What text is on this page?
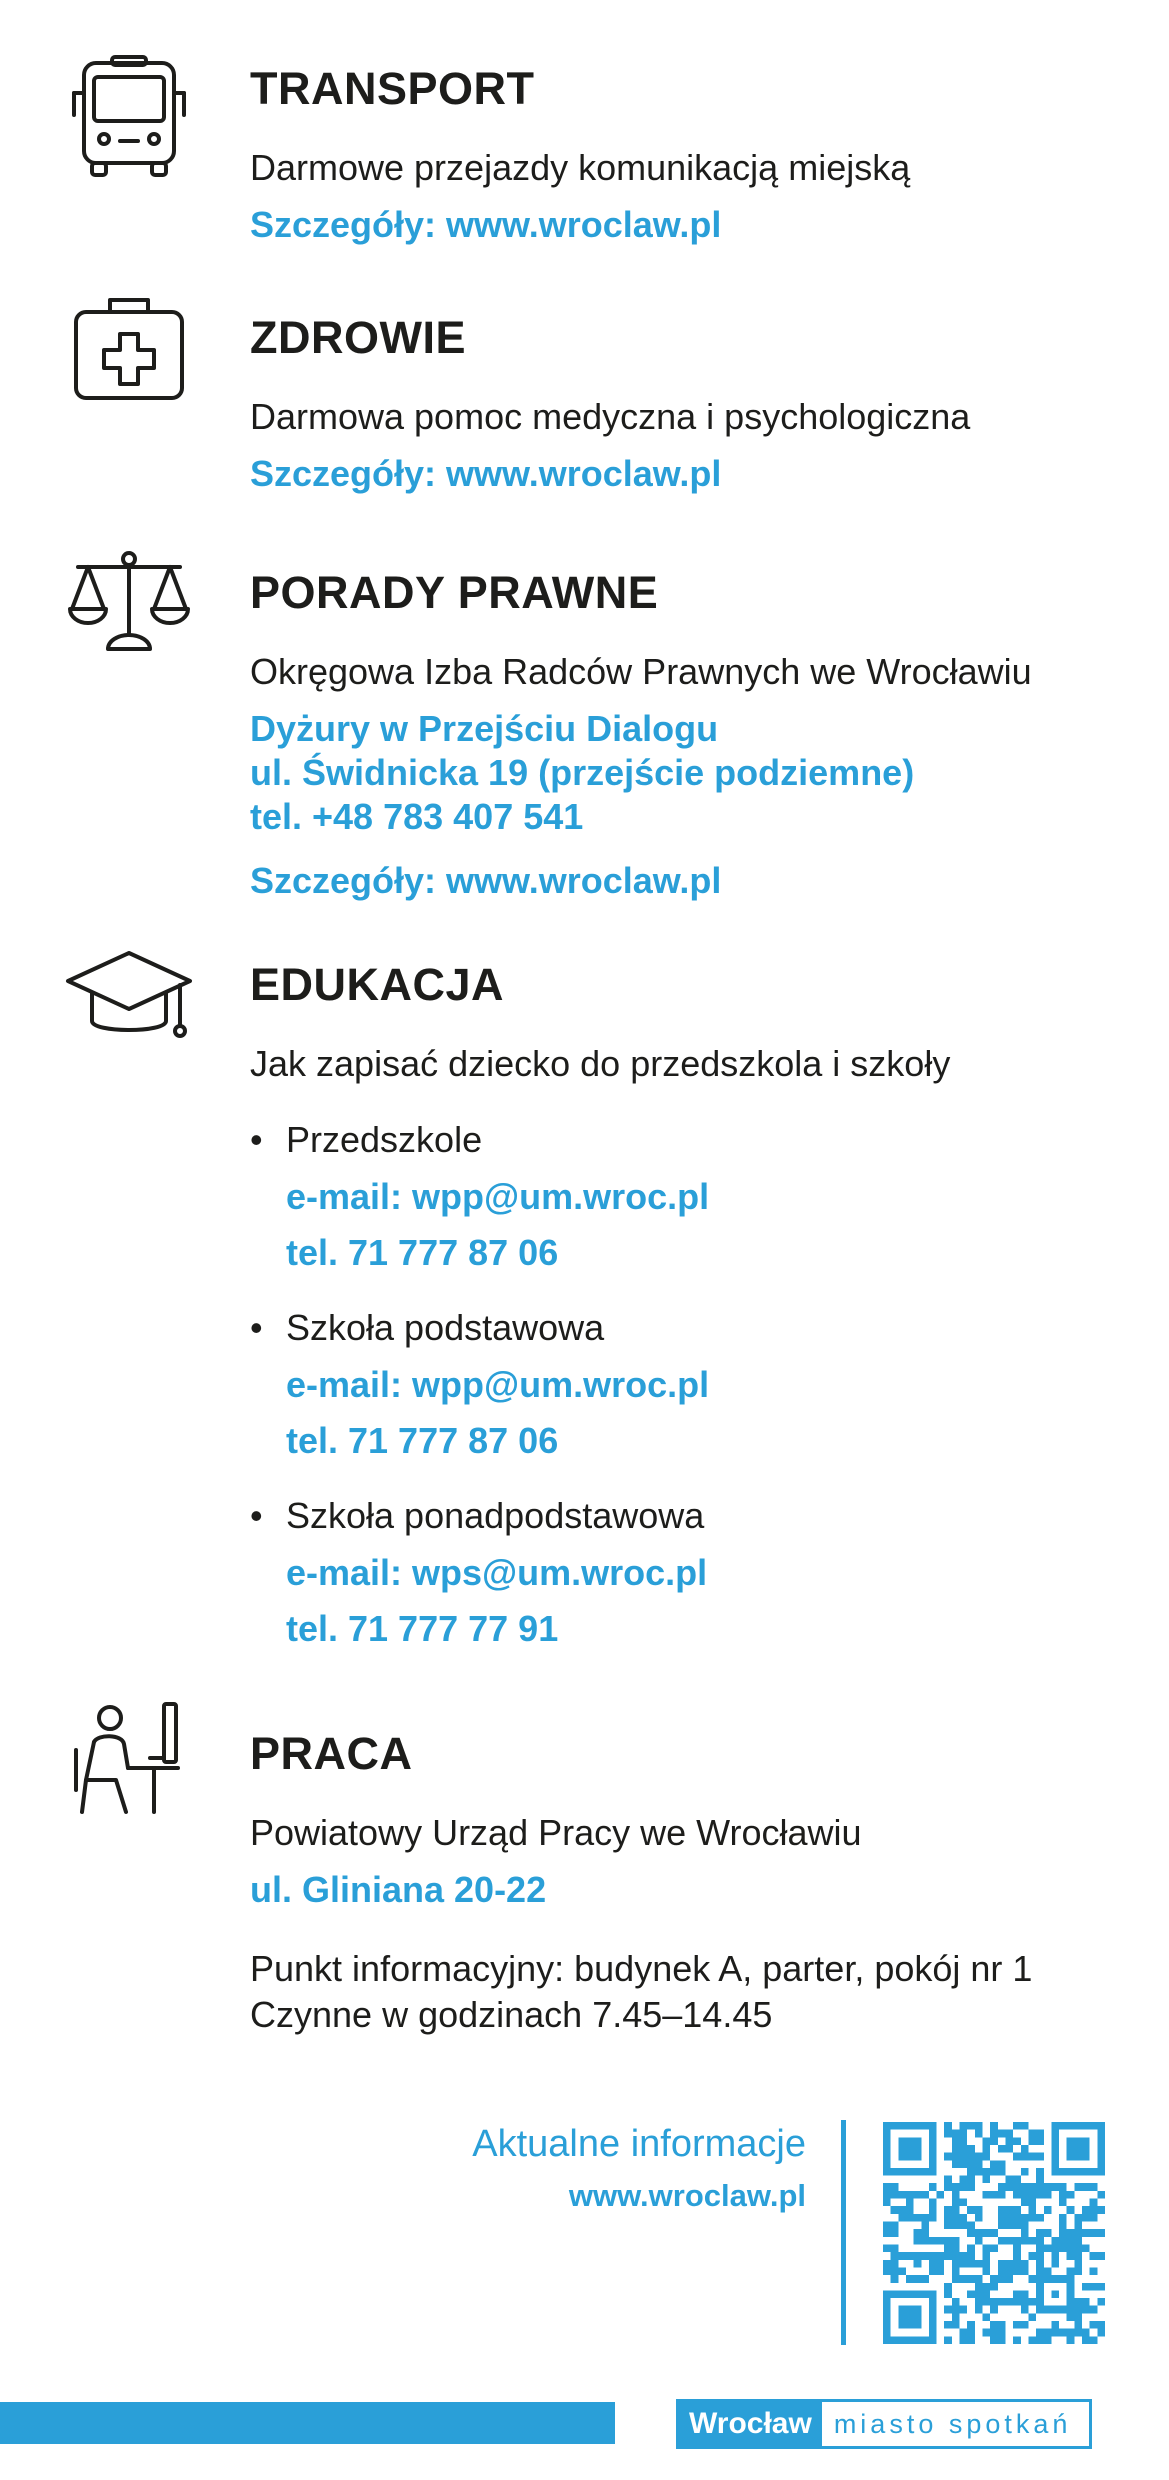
TRANSPORT

Darmowe przejazdy komunikacją miejską

Szczegóły: www.wroclaw.pl

ZDROWIE

Darmowa pomoc medyczna i psychologiczna

Szczegóły: www.wroclaw.pl

PORADY PRAWNE

Okręgowa Izba Radców Prawnych we Wrocławiu

Dyżury w Przejściu Dialogu

ul. Świdnicka 19 (przejście podziemne)

tel. +48 783 407 541

Szczegóły: www.wroclaw.pl

EDUKACJA

Jak zapisać dziecko do przedszkola i szkoły

• Przedszkole

e-mail: wpp@um.wroc.pl

tel. 71 777 87 06

• Szkoła podstawowa

e-mail: wpp@um.wroc.pl

tel. 71 777 87 06

• Szkoła ponadpodstawowa

e-mail: wps@um.wroc.pl

tel. 71 777 77 91

PRACA

Powiatowy Urząd Pracy we Wrocławiu

ul. Gliniana 20-22

Punkt informacyjny: budynek A, parter, pokój nr 1

Czynne w godzinach 7.45–14.45

Aktualne informacje
www.wroclaw.pl
Wrocław miasto spotkań
